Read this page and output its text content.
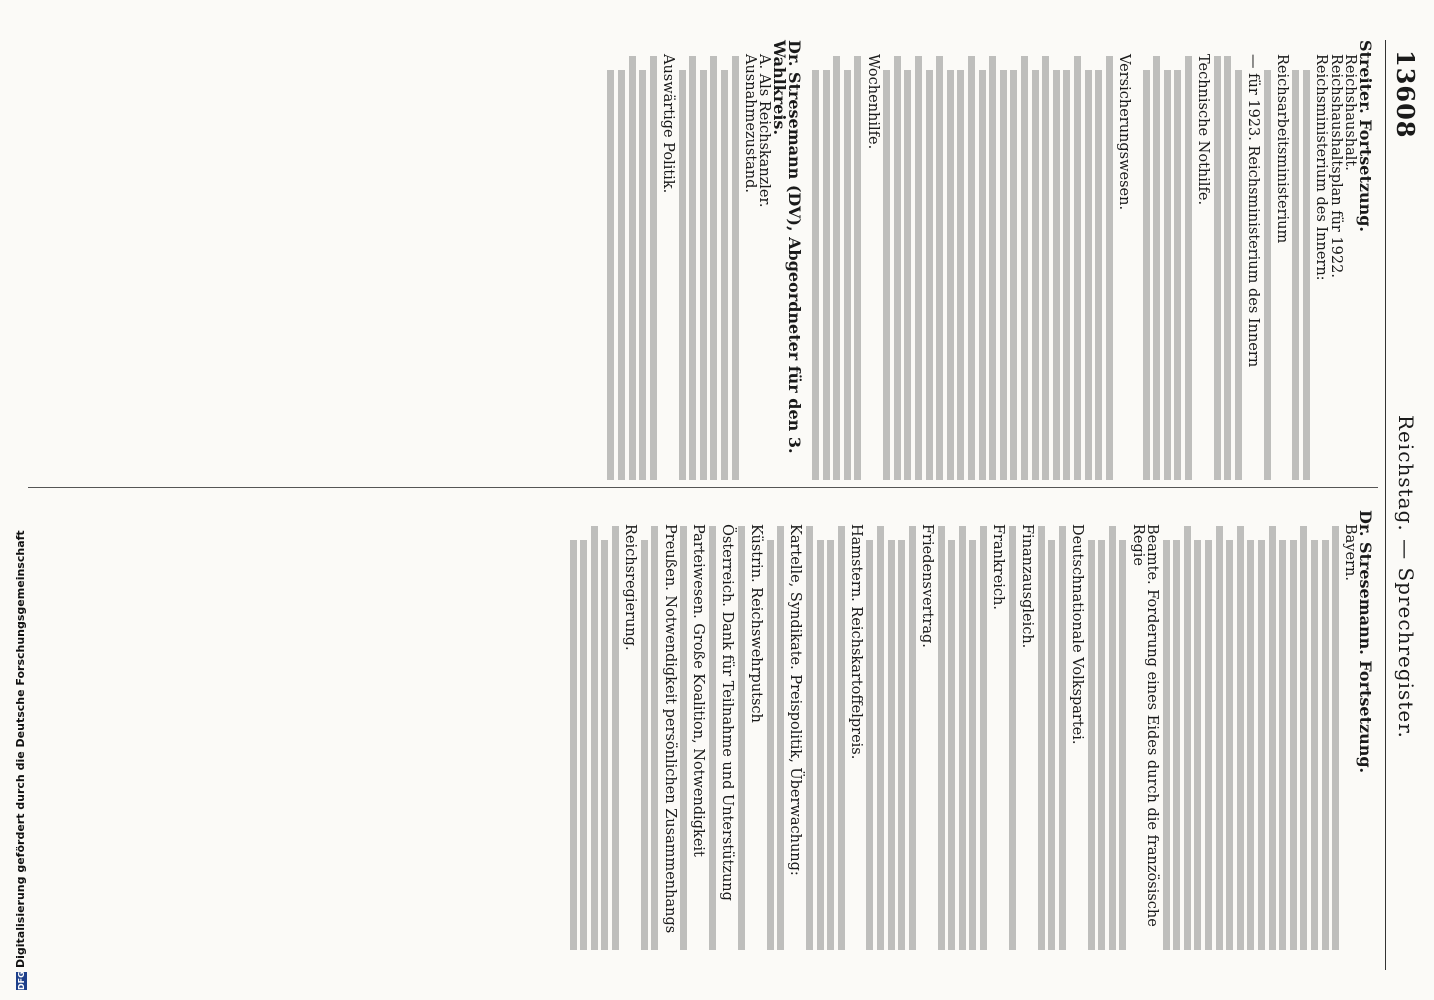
13608
Reichstag. — Sprechregister.
Streiter. Fortsetzung.
Reichshaushalt.
Reichshaushaltsplan für 1922.
Reichsministerium des Innern:
Reichsarbeitsministerium
— für 1923. Reichsministerium des Innern
Technische Nothilfe.
Versicherungswesen.
Wochenhilfe.
Dr. Stresemann (DV), Abgeordneter für den 3. Wahlkreis.
A. Als Reichskanzler.
Ausnahmezustand.
Auswärtige Politik.
Dr. Stresemann. Fortsetzung.
Bayern.
Beamte. Forderung eines Eides durch die französische Regie
Deutschnationale Volkspartei.
Finanzausgleich.
Frankreich.
Friedensvertrag.
Hamstern. Reichskartoffelpreis.
Kartelle, Syndikate. Preispolitik, Überwachung:
Küstrin. Reichswehrputsch
Österreich. Dank für Teilnahme und Unterstützung
Parteiwesen. Große Koalition, Notwendigkeit
Preußen. Notwendigkeit persönlichen Zusammenhangs
Reichsregierung.
DFGDigitalisierung gefördert durch die Deutsche Forschungsgemeinschaft
